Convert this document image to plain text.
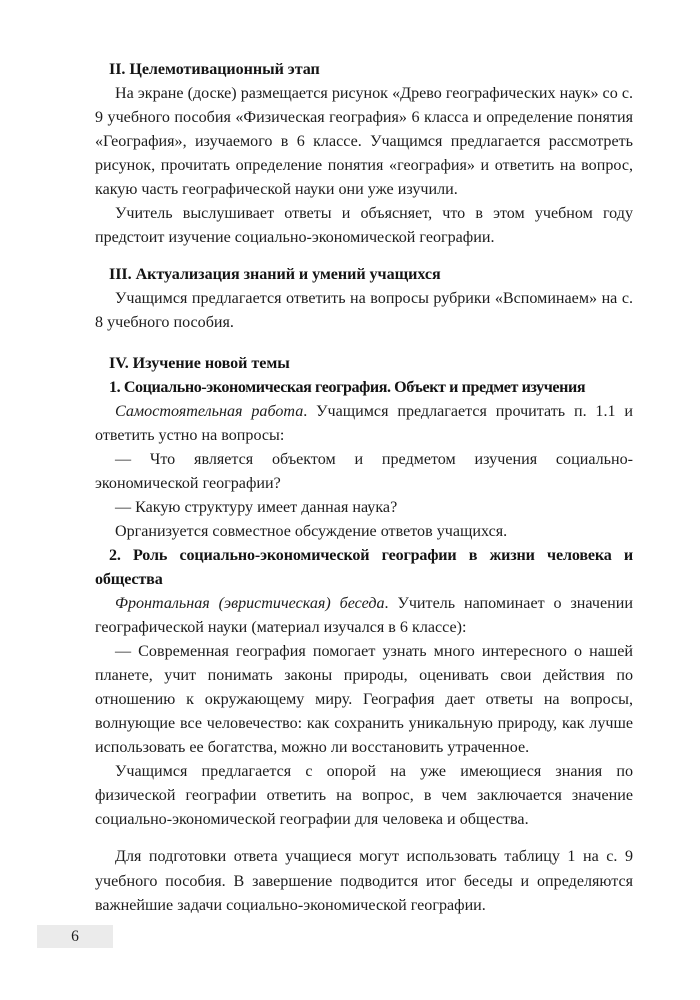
II. Целемотивационный этап

На экране (доске) размещается рисунок «Древо географических наук» со с. 9 учебного пособия «Физическая география» 6 класса и определение понятия «География», изучаемого в 6 классе. Учащимся предлагается рассмотреть рисунок, прочитать определение понятия «география» и ответить на вопрос, какую часть географической науки они уже изучили.

Учитель выслушивает ответы и объясняет, что в этом учебном году предстоит изучение социально-экономической географии.

III. Актуализация знаний и умений учащихся

Учащимся предлагается ответить на вопросы рубрики «Вспоминаем» на с. 8 учебного пособия.

IV. Изучение новой темы

1. Социально-экономическая география. Объект и предмет изучения

Самостоятельная работа. Учащимся предлагается прочитать п. 1.1 и ответить устно на вопросы:

— Что является объектом и предметом изучения социально-экономической географии?

— Какую структуру имеет данная наука?

Организуется совместное обсуждение ответов учащихся.

2. Роль социально-экономической географии в жизни человека и общества

Фронтальная (эвристическая) беседа. Учитель напоминает о значении географической науки (материал изучался в 6 классе):

— Современная география помогает узнать много интересного о нашей планете, учит понимать законы природы, оценивать свои действия по отношению к окружающему миру. География дает ответы на вопросы, волнующие все человечество: как сохранить уникальную природу, как лучше использовать ее богатства, можно ли восстановить утраченное.

Учащимся предлагается с опорой на уже имеющиеся знания по физической географии ответить на вопрос, в чем заключается значение социально-экономической географии для человека и общества.

Для подготовки ответа учащиеся могут использовать таблицу 1 на с. 9 учебного пособия. В завершение подводится итог беседы и определяются важнейшие задачи социально-экономической географии.

6
